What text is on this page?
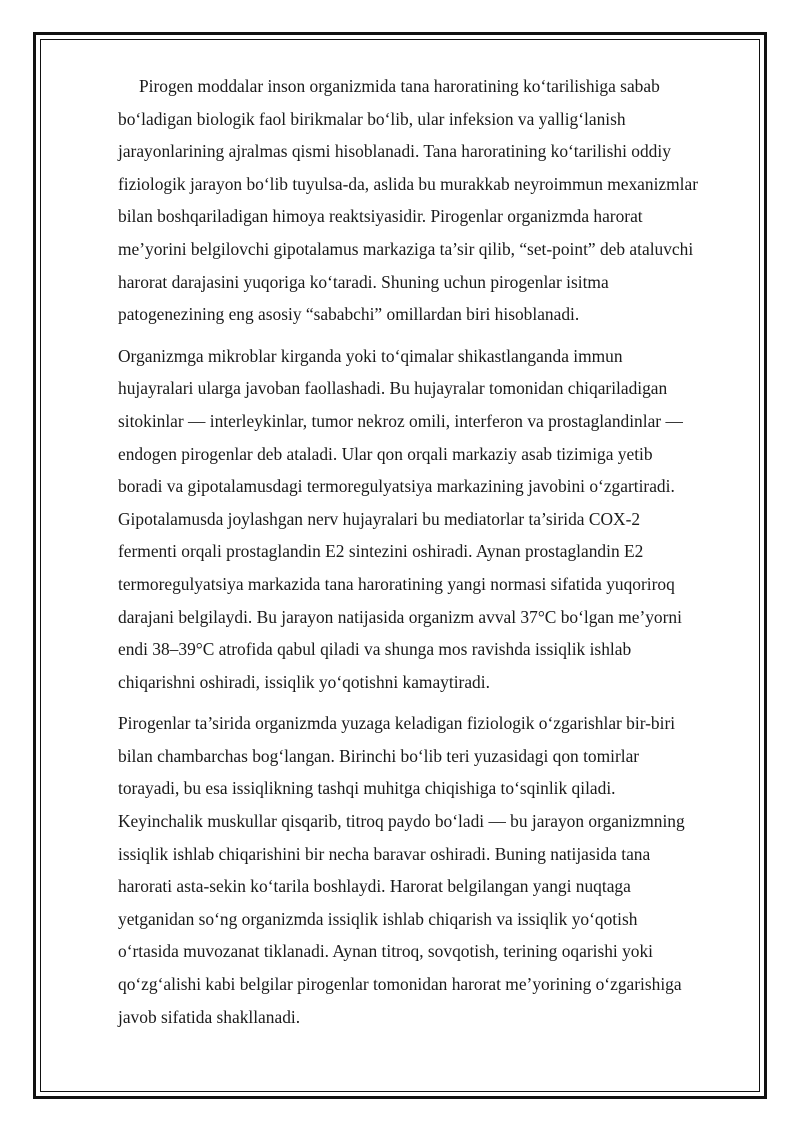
Pirogen moddalar inson organizmida tana haroratining ko‘tarilishiga sabab
bo‘ladigan biologik faol birikmalar bo‘lib, ular infeksion va yallig‘lanish
jarayonlarining ajralmas qismi hisoblanadi. Tana haroratining ko‘tarilishi oddiy
fiziologik jarayon bo‘lib tuyulsa-da, aslida bu murakkab neyroimmun mexanizmlar
bilan boshqariladigan himoya reaktsiyasidir. Pirogenlar organizmda harorat
me’yorini belgilovchi gipotalamus markaziga ta’sir qilib, “set-point” deb ataluvchi
harorat darajasini yuqoriga ko‘taradi. Shuning uchun pirogenlar isitma
patogenezining eng asosiy “sababchi” omillardan biri hisoblanadi.

Organizmga mikroblar kirganda yoki to‘qimalar shikastlanganda immun
hujayralari ularga javoban faollashadi. Bu hujayralar tomonidan chiqariladigan
sitokinlar — interleykinlar, tumor nekroz omili, interferon va prostaglandinlar —
endogen pirogenlar deb ataladi. Ular qon orqali markaziy asab tizimiga yetib
boradi va gipotalamusdagi termoregulyatsiya markazining javobini o‘zgartiradi.
Gipotalamusda joylashgan nerv hujayralari bu mediatorlar ta’sirida COX-2
fermenti orqali prostaglandin E2 sintezini oshiradi. Aynan prostaglandin E2
termoregulyatsiya markazida tana haroratining yangi normasi sifatida yuqoriroq
darajani belgilaydi. Bu jarayon natijasida organizm avval 37°C bo‘lgan me’yorni
endi 38–39°C atrofida qabul qiladi va shunga mos ravishda issiqlik ishlab
chiqarishni oshiradi, issiqlik yo‘qotishni kamaytiradi.

Pirogenlar ta’sirida organizmda yuzaga keladigan fiziologik o‘zgarishlar bir-biri
bilan chambarchas bog‘langan. Birinchi bo‘lib teri yuzasidagi qon tomirlar
torayadi, bu esa issiqlikning tashqi muhitga chiqishiga to‘sqinlik qiladi.
Keyinchalik muskullar qisqarib, titroq paydo bo‘ladi — bu jarayon organizmning
issiqlik ishlab chiqarishini bir necha baravar oshiradi. Buning natijasida tana
harorati asta-sekin ko‘tarila boshlaydi. Harorat belgilangan yangi nuqtaga
yetganidan so‘ng organizmda issiqlik ishlab chiqarish va issiqlik yo‘qotish
o‘rtasida muvozanat tiklanadi. Aynan titroq, sovqotish, terining oqarishi yoki
qo‘zg‘alishi kabi belgilar pirogenlar tomonidan harorat me’yorining o‘zgarishiga
javob sifatida shakllanadi.
